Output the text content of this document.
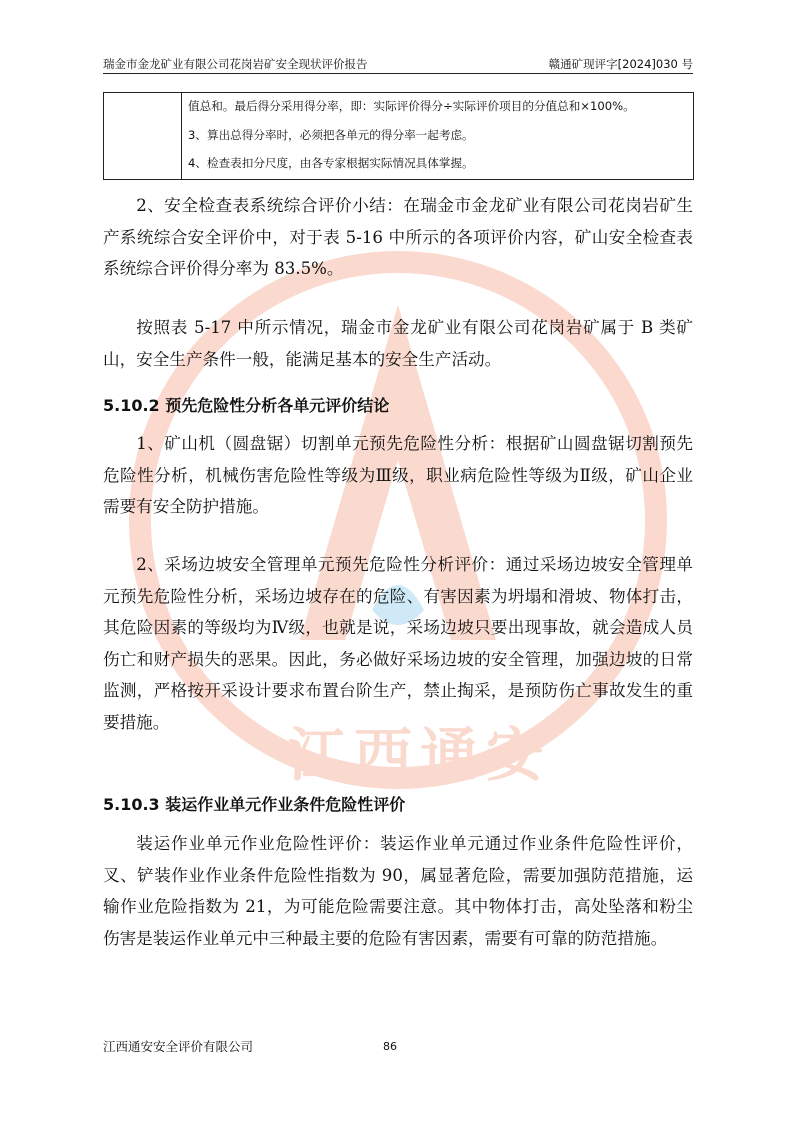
江西通安
瑞金市金龙矿业有限公司花岗岩矿安全现状评价报告	赣通矿现评字[2024]030 号

值总和。最后得分采用得分率，即：实际评价得分÷实际评价项目的分值总和×100%。
3、算出总得分率时，必须把各单元的得分率一起考虑。
4、检查表扣分尺度，由各专家根据实际情况具体掌握。

2、安全检查表系统综合评价小结：在瑞金市金龙矿业有限公司花岗岩矿生产系统综合安全评价中，对于表 5-16 中所示的各项评价内容，矿山安全检查表系统综合评价得分率为 83.5%。

按照表 5-17 中所示情况，瑞金市金龙矿业有限公司花岗岩矿属于 B 类矿山，安全生产条件一般，能满足基本的安全生产活动。

5.10.2 预先危险性分析各单元评价结论

1、矿山机（圆盘锯）切割单元预先危险性分析：根据矿山圆盘锯切割预先危险性分析，机械伤害危险性等级为Ⅲ级，职业病危险性等级为Ⅱ级，矿山企业需要有安全防护措施。

2、采场边坡安全管理单元预先危险性分析评价：通过采场边坡安全管理单元预先危险性分析，采场边坡存在的危险、有害因素为坍塌和滑坡、物体打击，其危险因素的等级均为Ⅳ级，也就是说，采场边坡只要出现事故，就会造成人员伤亡和财产损失的恶果。因此，务必做好采场边坡的安全管理，加强边坡的日常监测，严格按开采设计要求布置台阶生产，禁止掏采，是预防伤亡事故发生的重要措施。

5.10.3 装运作业单元作业条件危险性评价

装运作业单元作业危险性评价：装运作业单元通过作业条件危险性评价，叉、铲装作业作业条件危险性指数为 90，属显著危险，需要加强防范措施，运输作业危险指数为 21，为可能危险需要注意。其中物体打击，高处坠落和粉尘伤害是装运作业单元中三种最主要的危险有害因素，需要有可靠的防范措施。

江西通安安全评价有限公司	86
